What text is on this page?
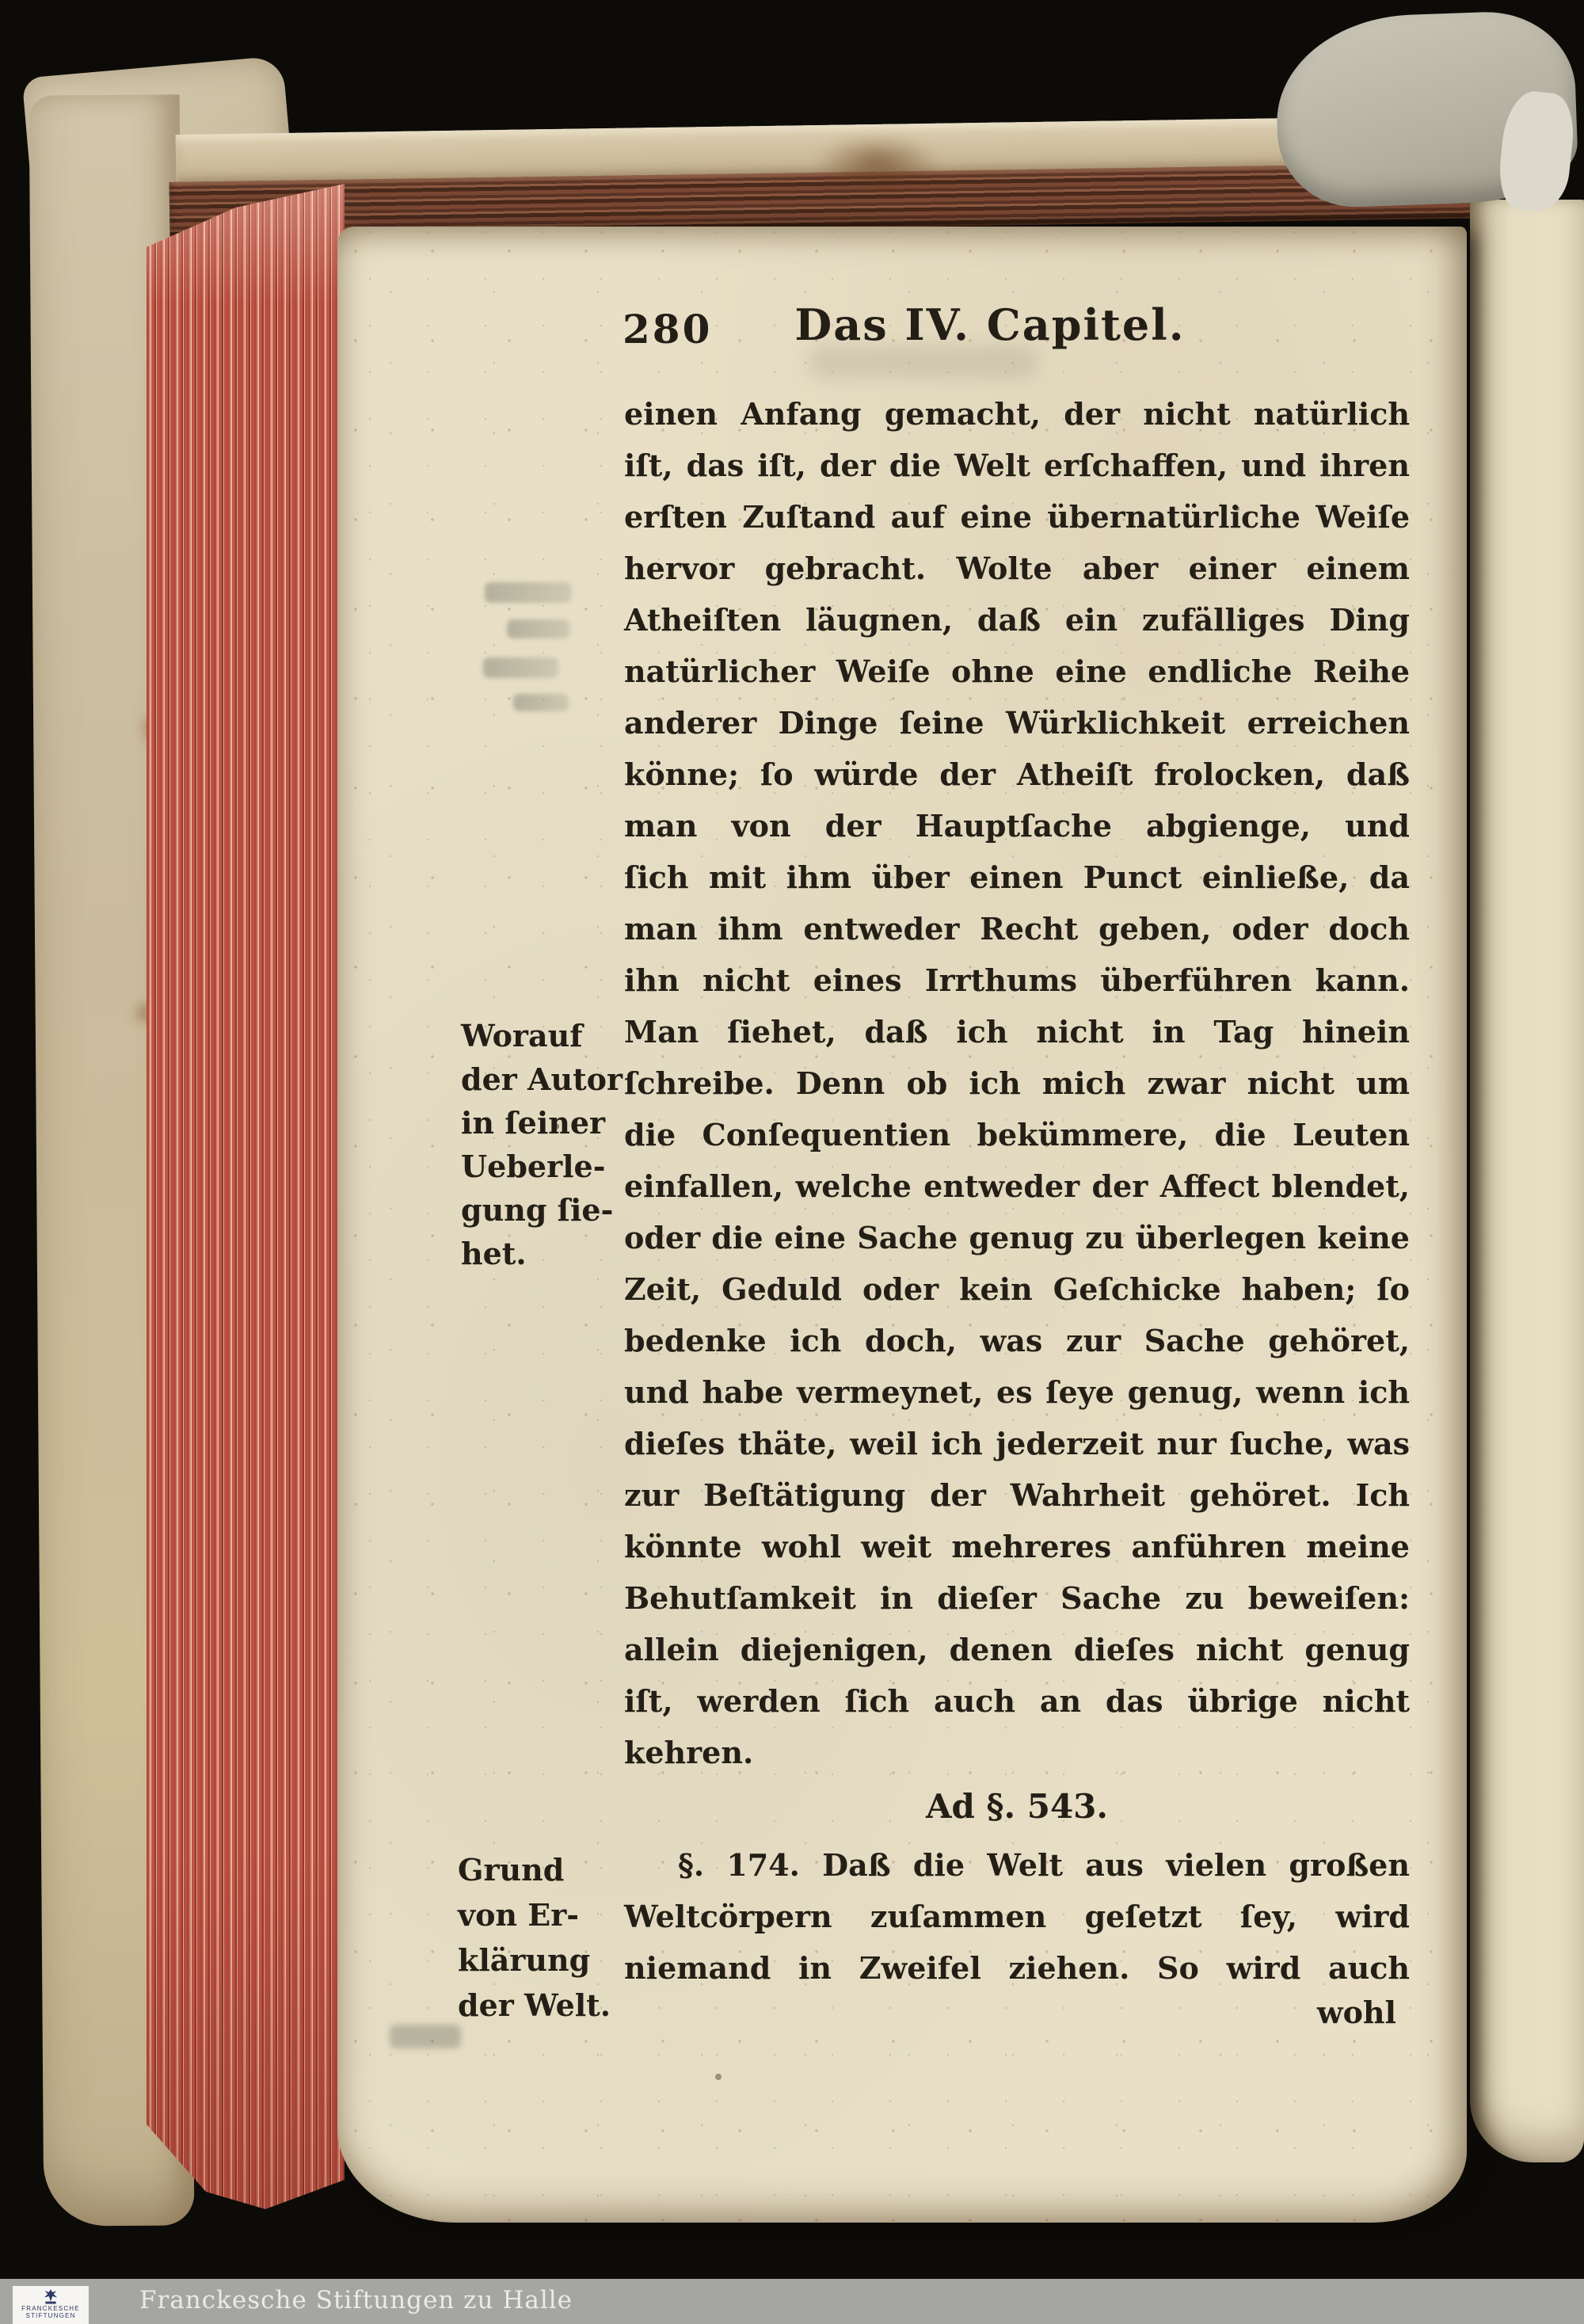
280	Das IV. Capitel.
einen Anfang gemacht, der nicht natürlich
iſt, das iſt, der die Welt erſchaffen, und ihren
erſten Zuſtand auf eine übernatürliche Weiſe
hervor gebracht. Wolte aber einer einem
Atheiſten läugnen, daß ein zufälliges Ding
natürlicher Weiſe ohne eine endliche Reihe
anderer Dinge ſeine Würklichkeit erreichen
könne; ſo würde der Atheiſt frolocken, daß
man von der Hauptſache abgienge, und
ſich mit ihm über einen Punct einließe, da
man ihm entweder Recht geben, oder doch
ihn nicht eines Irrthums überführen kann.
Man ſiehet, daß ich nicht in Tag hinein
ſchreibe. Denn ob ich mich zwar nicht um
die Conſequentien bekümmere, die Leuten
einfallen, welche entweder der Affect blendet,
oder die eine Sache genug zu überlegen keine
Zeit, Geduld oder kein Geſchicke haben; ſo
bedenke ich doch, was zur Sache gehöret,
und habe vermeynet, es ſeye genug, wenn ich
dieſes thäte, weil ich jederzeit nur ſuche, was
zur Beſtätigung der Wahrheit gehöret. Ich
könnte wohl weit mehreres anführen meine
Behutſamkeit in dieſer Sache zu beweiſen:
allein diejenigen, denen dieſes nicht genug
iſt, werden ſich auch an das übrige nicht
kehren.
Worauf
der Autor
in ſeiner
Ueberle-
gung ſie-
het.
Ad §. 543.
Grund
von Er-
klärung
der Welt.
§. 174. Daß die Welt aus vielen großen
Weltcörpern zuſammen geſetzt ſey, wird
niemand in Zweifel ziehen. So wird auch
wohl
FRANCKESCHE
STIFTUNGEN
Franckesche Stiftungen zu Halle
